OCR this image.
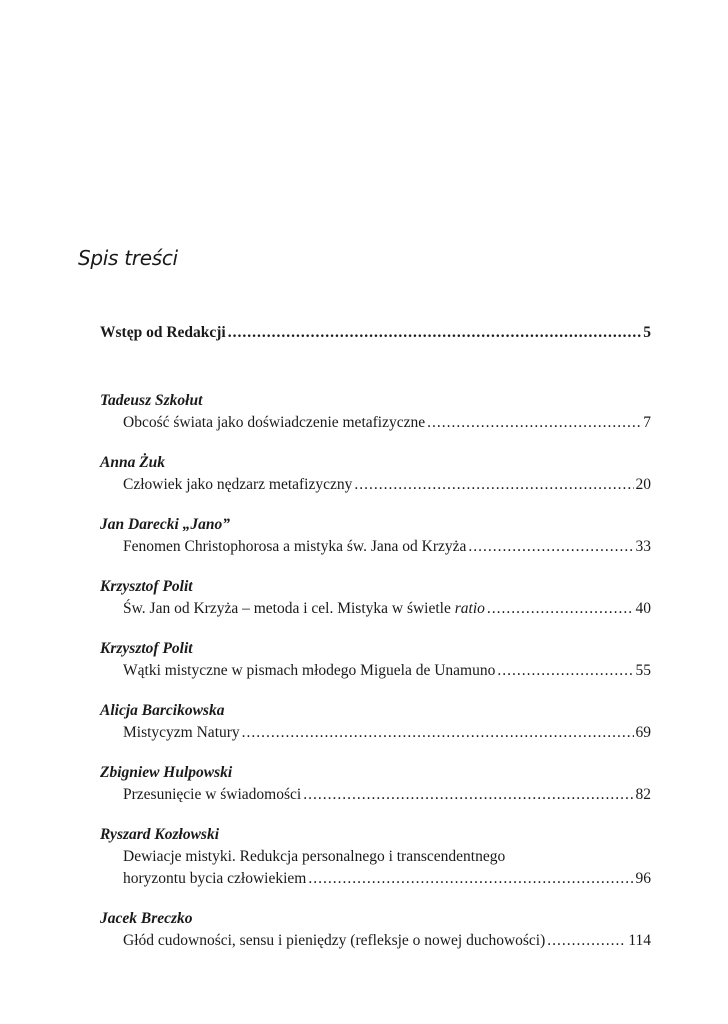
Spis treści
Wstęp od Redakcji .....	5
Tadeusz Szkołut
Obcość świata jako doświadczenie metafizyczne .....	7
Anna Żuk
Człowiek jako nędzarz metafizyczny .....	20
Jan Darecki „Jano”
Fenomen Christophorosa a mistyka św. Jana od Krzyża .....	33
Krzysztof Polit
Św. Jan od Krzyża – metoda i cel. Mistyka w świetle ratio .....	40
Krzysztof Polit
Wątki mistyczne w pismach młodego Miguela de Unamuno .....	55
Alicja Barcikowska
Mistycyzm Natury .....	69
Zbigniew Hulpowski
Przesunięcie w świadomości .....	82
Ryszard Kozłowski
Dewiacje mistyki. Redukcja personalnego i transcendentnego
horyzontu bycia człowiekiem .....	96
Jacek Breczko
Głód cudowności, sensu i pieniędzy (refleksje o nowej duchowości) .....	114
